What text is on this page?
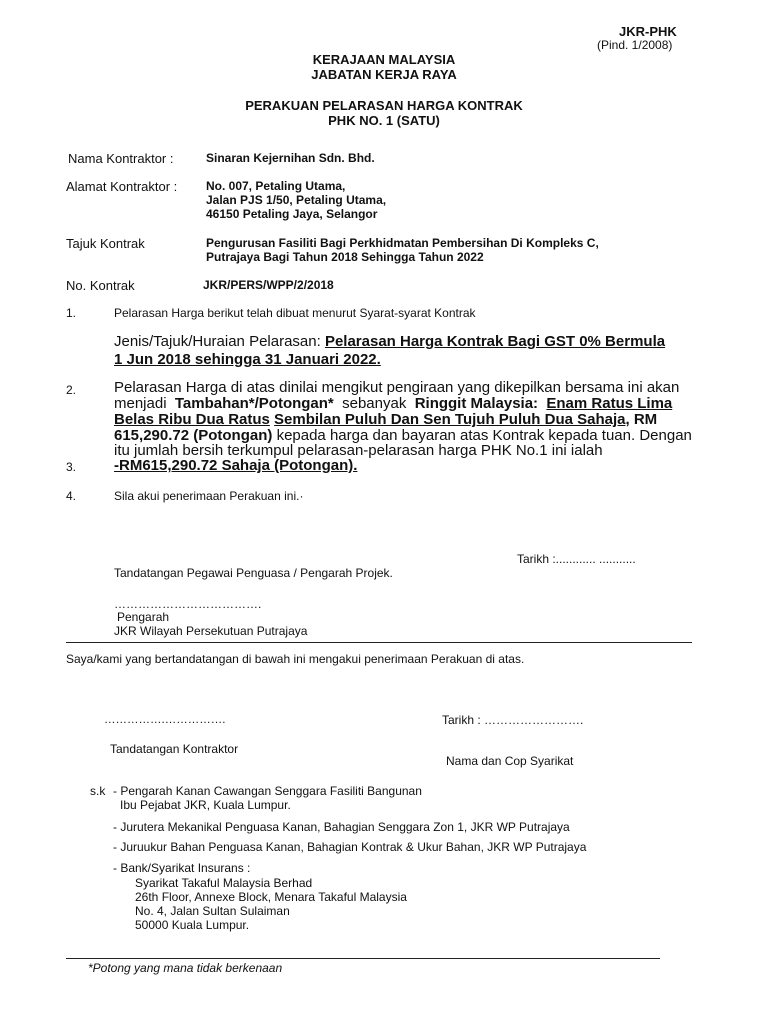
JKR-PHK
(Pind. 1/2008)
KERAJAAN MALAYSIA
JABATAN KERJA RAYA
PERAKUAN PELARASAN HARGA KONTRAK
PHK NO. 1 (SATU)
Nama Kontraktor :	Sinaran Kejernihan Sdn. Bhd.
Alamat Kontraktor : No. 007, Petaling Utama,
Jalan PJS 1/50, Petaling Utama,
46150 Petaling Jaya, Selangor
Tajuk Kontrak	Pengurusan Fasiliti Bagi Perkhidmatan Pembersihan Di Kompleks C,
Putrajaya Bagi Tahun 2018 Sehingga Tahun 2022
No. Kontrak	JKR/PERS/WPP/2/2018
1.	Pelarasan Harga berikut telah dibuat menurut Syarat-syarat Kontrak
Jenis/Tajuk/Huraian Pelarasan: Pelarasan Harga Kontrak Bagi GST 0% Bermula
1 Jun 2018 sehingga 31 Januari 2022.
2.	Pelarasan Harga di atas dinilai mengikut pengiraan yang dikepilkan bersama ini akan
menjadi Tambahan*/Potongan* sebanyak Ringgit Malaysia: Enam Ratus Lima
Belas Ribu Dua Ratus Sembilan Puluh Dan Sen Tujuh Puluh Dua Sahaja, RM
615,290.72 (Potongan) kepada harga dan bayaran atas Kontrak kepada tuan. Dengan
itu jumlah bersih terkumpul pelarasan-pelarasan harga PHK No.1 ini ialah
3.	-RM615,290.72 Sahaja (Potongan).
4.	Sila akui penerimaan Perakuan ini.·
Tarikh :............ ...........
Tandatangan Pegawai Penguasa / Pengarah Projek.
……………………………….
Pengarah
JKR Wilayah Persekutuan Putrajaya
Saya/kami yang bertandatangan di bawah ini mengakui penerimaan Perakuan di atas.
…………….…………….	Tarikh : …………………….
Tandatangan Kontraktor
Nama dan Cop Syarikat
s.k - Pengarah Kanan Cawangan Senggara Fasiliti Bangunan
Ibu Pejabat JKR, Kuala Lumpur.
- Jurutera Mekanikal Penguasa Kanan, Bahagian Senggara Zon 1, JKR WP Putrajaya
- Juruukur Bahan Penguasa Kanan, Bahagian Kontrak & Ukur Bahan, JKR WP Putrajaya
- Bank/Syarikat Insurans :
Syarikat Takaful Malaysia Berhad
26th Floor, Annexe Block, Menara Takaful Malaysia
No. 4, Jalan Sultan Sulaiman
50000 Kuala Lumpur.
*Potong yang mana tidak berkenaan
